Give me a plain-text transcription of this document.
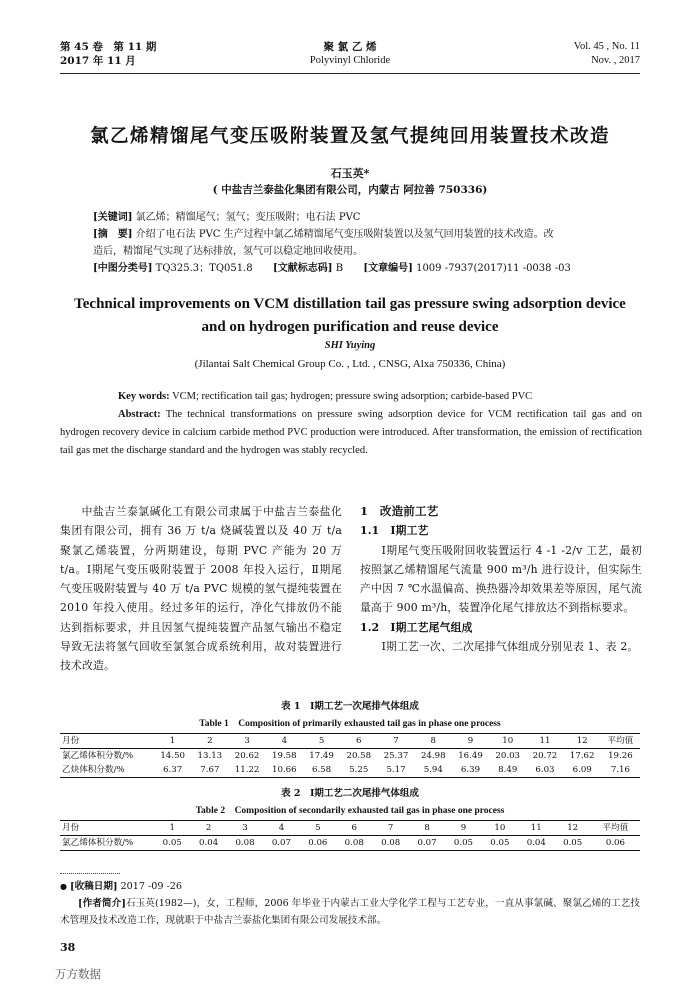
第 45 卷　第 11 期
2017 年 11 月
聚 氯 乙 烯
Polyvinyl Chloride
Vol. 45 , No. 11
Nov. , 2017
氯乙烯精馏尾气变压吸附装置及氢气提纯回用装置技术改造
石玉英*
( 中盐吉兰泰盐化集团有限公司，内蒙古 阿拉善 750336)
[关键词] 氯乙烯；精馏尾气；氢气；变压吸附；电石法 PVC
[摘　要] 介绍了电石法 PVC 生产过程中氯乙烯精馏尾气变压吸附装置以及氢气回用装置的技术改造。改
造后，精馏尾气实现了达标排放，氢气可以稳定地回收使用。
[中图分类号] TQ325.3；TQ051.8 [文献标志码] B [文章编号] 1009 -7937(2017)11 -0038 -03
Technical improvements on VCM distillation tail gas pressure swing adsorption device
and on hydrogen purification and reuse device
SHI Yuying
(Jilantai Salt Chemical Group Co. , Ltd. , CNSG, Alxa 750336, China)
Key words: VCM; rectification tail gas; hydrogen; pressure swing adsorption; carbide-based PVC
Abstract: The technical transformations on pressure swing adsorption device for VCM rectification tail gas and on hydrogen recovery device in calcium carbide method PVC production were introduced. After transformation, the emission of rectification tail gas met the discharge standard and the hydrogen was stably recycled.

中盐吉兰泰氯碱化工有限公司隶属于中盐吉兰泰盐化集团有限公司，拥有 36 万 t/a 烧碱装置以及 40 万 t/a 聚氯乙烯装置，分两期建设，每期 PVC 产能为 20 万 t/a。Ⅰ期尾气变压吸附装置于 2008 年投入运行，Ⅱ期尾气变压吸附装置与 40 万 t/a PVC 规模的氢气提纯装置在 2010 年投入使用。经过多年的运行，净化气排放仍不能达到指标要求，并且因氢气提纯装置产品氢气输出不稳定导致无法将氢气回收至氯氢合成系统利用，故对装置进行技术改造。

1　改造前工艺

1.1　Ⅰ期工艺

Ⅰ期尾气变压吸附回收装置运行 4 -1 -2/v 工艺，最初按照氯乙烯精馏尾气流量 900 m³/h 进行设计，但实际生产中因 7 ℃水温偏高、换热器冷却效果差等原因，尾气流量高于 900 m³/h，装置净化尾气排放达不到指标要求。

1.2　Ⅰ期工艺尾气组成

Ⅰ期工艺一次、二次尾排气体组成分别见表 1、表 2。

表 1　Ⅰ期工艺一次尾排气体组成
Table 1　Composition of primarily exhausted tail gas in phase one process
月份	1	2	3	4	5	6	7	8	9	10	11	12	平均值
氯乙烯体积分数/%	14.50	13.13	20.62	19.58	17.49	20.58	25.37	24.98	16.49	20.03	20.72	17.62	19.26
乙炔体积分数/%	6.37	7.67	11.22	10.66	6.58	5.25	5.17	5.94	6.39	8.49	6.03	6.09	7.16
表 2　Ⅰ期工艺二次尾排气体组成
Table 2　Composition of secondarily exhausted tail gas in phase one process
月份	1	2	3	4	5	6	7	8	9	10	11	12	平均值
氯乙烯体积分数/%	0.05	0.04	0.08	0.07	0.06	0.08	0.08	0.07	0.05	0.05	0.04	0.05	0.06
● [收稿日期] 2017 -09 -26
[作者简介]石玉英(1982—)，女，工程师，2006 年毕业于内蒙古工业大学化学工程与工艺专业，一直从事氯碱、聚氯乙烯的工艺技术管理及技术改造工作，现就职于中盐吉兰泰盐化集团有限公司发展技术部。
38
万方数据
